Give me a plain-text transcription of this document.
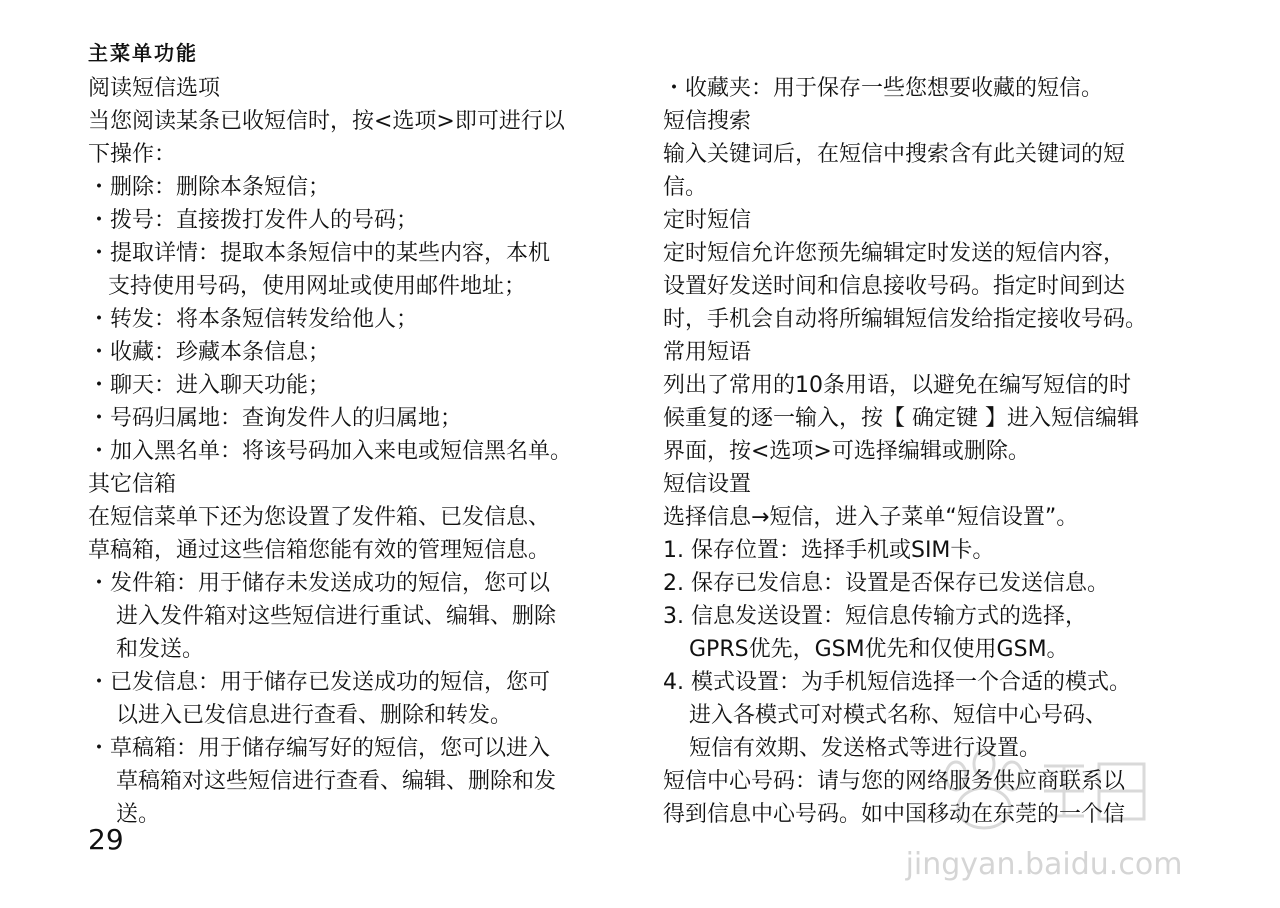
主菜单功能

阅读短信选项

当您阅读某条已收短信时，按<选项>即可进行以

下操作：

・删除：删除本条短信；

・拨号：直接拨打发件人的号码；

・提取详情：提取本条短信中的某些内容，本机

支持使用号码，使用网址或使用邮件地址；

・转发：将本条短信转发给他人；

・收藏：珍藏本条信息；

・聊天：进入聊天功能；

・号码归属地：查询发件人的归属地；

・加入黑名单：将该号码加入来电或短信黑名单。

其它信箱

在短信菜单下还为您设置了发件箱、已发信息、

草稿箱，通过这些信箱您能有效的管理短信息。

・发件箱：用于储存未发送成功的短信，您可以

进入发件箱对这些短信进行重试、编辑、删除

和发送。

・已发信息：用于储存已发送成功的短信，您可

以进入已发信息进行查看、删除和转发。

・草稿箱：用于储存编写好的短信，您可以进入

草稿箱对这些短信进行查看、编辑、删除和发

送。

・收藏夹：用于保存一些您想要收藏的短信。

短信搜索

输入关键词后，在短信中搜索含有此关键词的短

信。

定时短信

定时短信允许您预先编辑定时发送的短信内容，

设置好发送时间和信息接收号码。指定时间到达

时，手机会自动将所编辑短信发给指定接收号码。

常用短语

列出了常用的10条用语，以避免在编写短信的时

候重复的逐一输入，按【 确定键 】进入短信编辑

界面，按<选项>可选择编辑或删除。

短信设置

选择信息→短信，进入子菜单“短信设置”。

1. 保存位置：选择手机或SIM卡。

2. 保存已发信息：设置是否保存已发送信息。

3. 信息发送设置：短信息传输方式的选择，

GPRS优先，GSM优先和仅使用GSM。

4. 模式设置：为手机短信选择一个合适的模式。

进入各模式可对模式名称、短信中心号码、

短信有效期、发送格式等进行设置。

短信中心号码：请与您的网络服务供应商联系以

得到信息中心号码。如中国移动在东莞的一个信

29
jingyan.baidu.com
